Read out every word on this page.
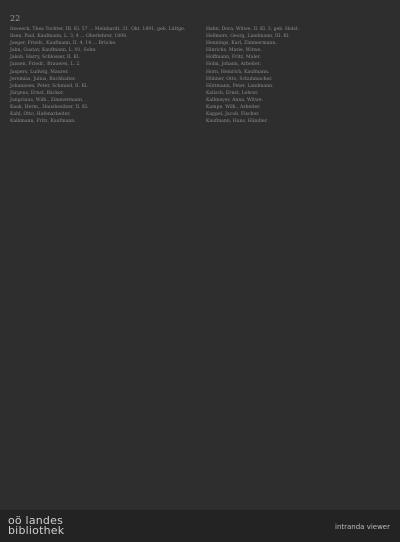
22

Inweeck, Thea Tochter, III. Kl. 57 ... Meinhardt, 21. Okt. 1891, geb. Lüttge.

Ilsen, Paul, Kaufmann, L. 3, 4 ... Oberlehrer, 1898.

Jaeger, Friedr., Kaufmann, II. 4, 14 ... Brücke.

Jahn, Gustav, Kaufmann, L. 91, Sohn.

Jakob, Harry, Schlosser, II. Kl.

Jansen, Friedr., Brauerei, L. 2.

Jaspers, Ludwig, Maurer.

Jeremias, Julius, Buchhalter.

Johannsen, Peter, Schmied, II. Kl.

Jürgens, Ernst, Bäcker.

Jungclaus, Wilh., Zimmermann.

Kaak, Herm., Hausbesitzer, II. Kl.

Kahl, Otto, Hafenarbeiter.

Kalkmann, Fritz, Kaufmann.

Hahn, Dora, Witwe, II. Kl. 3, geb. Holst.

Hellmers, Georg, Landmann, III. Kl.

Hennings, Karl, Zimmermann.

Hinrichs, Marie, Witwe.

Hoffmann, Fritz, Maler.

Holm, Johann, Arbeiter.

Horn, Heinrich, Kaufmann.

Hübner, Otto, Schuhmacher.

Hüttmann, Peter, Landmann.

Kalisch, Ernst, Lehrer.

Kallmeyer, Anna, Witwe.

Kampe, Wilh., Arbeiter.

Kappel, Jacob, Fischer.

Kaufmann, Hans, Händler.

oö landes
bibliothek	intranda viewer
